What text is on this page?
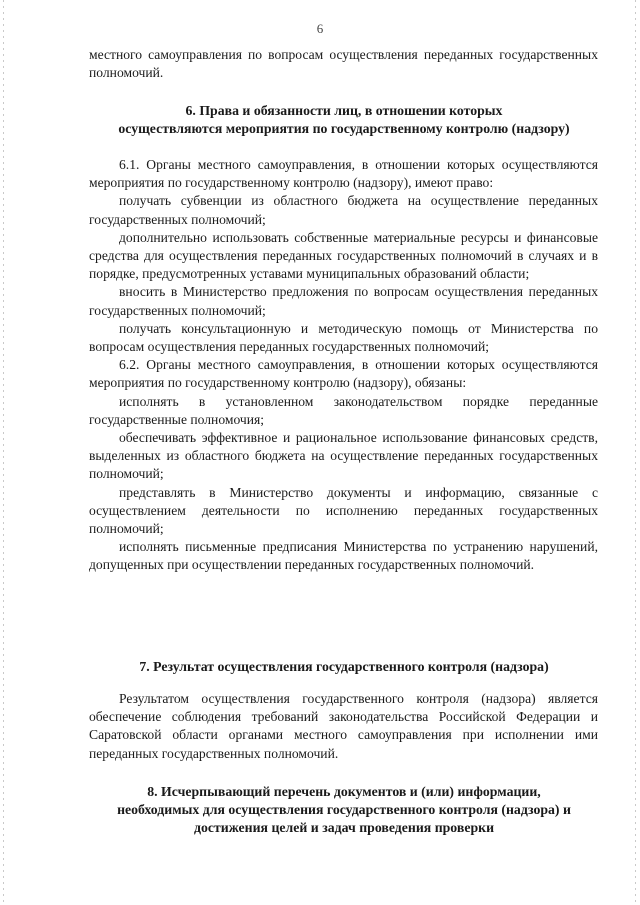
6

местного самоуправления по вопросам осуществления переданных государственных полномочий.

6. Права и обязанности лиц, в отношении которых
осуществляются мероприятия по государственному контролю (надзору)

6.1. Органы местного самоуправления, в отношении которых осуществляются мероприятия по государственному контролю (надзору), имеют право:

получать субвенции из областного бюджета на осуществление переданных государственных полномочий;

дополнительно использовать собственные материальные ресурсы и финансовые средства для осуществления переданных государственных полномочий в случаях и в порядке, предусмотренных уставами муниципальных образований области;

вносить в Министерство предложения по вопросам осуществления переданных государственных полномочий;

получать консультационную и методическую помощь от Министерства по вопросам осуществления переданных государственных полномочий;

6.2. Органы местного самоуправления, в отношении которых осуществляются мероприятия по государственному контролю (надзору), обязаны:

исполнять в установленном законодательством порядке переданные государственные полномочия;

обеспечивать эффективное и рациональное использование финансовых средств, выделенных из областного бюджета на осуществление переданных государственных полномочий;

представлять в Министерство документы и информацию, связанные с осуществлением деятельности по исполнению переданных государственных полномочий;

исполнять письменные предписания Министерства по устранению нарушений, допущенных при осуществлении переданных государственных полномочий.

7. Результат осуществления государственного контроля (надзора)

Результатом осуществления государственного контроля (надзора) является обеспечение соблюдения требований законодательства Российской Федерации и Саратовской области органами местного самоуправления при исполнении ими переданных государственных полномочий.

8. Исчерпывающий перечень документов и (или) информации,
необходимых для осуществления государственного контроля (надзора) и
достижения целей и задач проведения проверки
